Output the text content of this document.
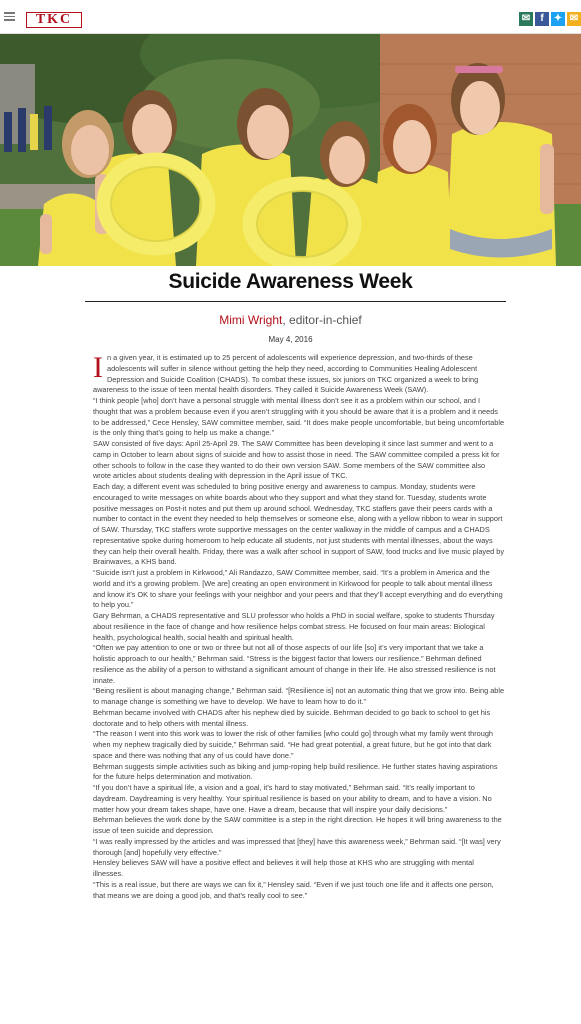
TKC	✉	f	✦ ✉
Suicide Awareness Week
Mimi Wright, editor-in-chief
May 4, 2016

In a given year, it is estimated up to 25 percent of adolescents will experience depression, and two-thirds of these adolescents will suffer in silence without getting the help they need, according to Communities Healing Adolescent Depression and Suicide Coalition (CHADS). To combat these issues, six juniors on TKC organized a week to bring awareness to the issue of teen mental health disorders. They called it Suicide Awareness Week (SAW).

“I think people [who] don’t have a personal struggle with mental illness don’t see it as a problem within our school, and I thought that was a problem because even if you aren’t struggling with it you should be aware that it is a problem and it needs to be addressed,” Cece Hensley, SAW committee member, said. “It does make people uncomfortable, but being uncomfortable is the only thing that’s going to help us make a change.”

SAW consisted of five days: April 25-April 29. The SAW Committee has been developing it since last summer and went to a camp in October to learn about signs of suicide and how to assist those in need. The SAW committee compiled a press kit for other schools to follow in the case they wanted to do their own version SAW. Some members of the SAW committee also wrote articles about students dealing with depression in the April issue of TKC.

Each day, a different event was scheduled to bring positive energy and awareness to campus. Monday, students were encouraged to write messages on white boards about who they support and what they stand for. Tuesday, students wrote positive messages on Post-it notes and put them up around school. Wednesday, TKC staffers gave their peers cards with a number to contact in the event they needed to help themselves or someone else, along with a yellow ribbon to wear in support of SAW. Thursday, TKC staffers wrote supportive messages on the center walkway in the middle of campus and a CHADS representative spoke during homeroom to help educate all students, not just students with mental illnesses, about the ways they can help their overall health. Friday, there was a walk after school in support of SAW, food trucks and live music played by Brainwaves, a KHS band.

“Suicide isn’t just a problem in Kirkwood,” Ali Randazzo, SAW Committee member, said. “It’s a problem in America and the world and it’s a growing problem. [We are] creating an open environment in Kirkwood for people to talk about mental illness and know it’s OK to share your feelings with your neighbor and your peers and that they’ll accept everything and do everything to help you.”

Gary Behrman, a CHADS representative and SLU professor who holds a PhD in social welfare, spoke to students Thursday about resilience in the face of change and how resilience helps combat stress. He focused on four main areas: Biological health, psychological health, social health and spiritual health.

“Often we pay attention to one or two or three but not all of those aspects of our life [so] it’s very important that we take a holistic approach to our health,” Behrman said. “Stress is the biggest factor that lowers our resilience.” Behrman defined resilience as the ability of a person to withstand a significant amount of change in their life. He also stressed resilience is not innate.

“Being resilient is about managing change,” Behrman said. “[Resilience is] not an automatic thing that we grow into. Being able to manage change is something we have to develop. We have to learn how to do it.”

Behrman became involved with CHADS after his nephew died by suicide. Behrman decided to go back to school to get his doctorate and to help others with mental illness.

“The reason I went into this work was to lower the risk of other families [who could go] through what my family went through when my nephew tragically died by suicide,” Behrman said. “He had great potential, a great future, but he got into that dark space and there was nothing that any of us could have done.”

Behrman suggests simple activities such as biking and jump-roping help build resilience. He further states having aspirations for the future helps determination and motivation.

“If you don’t have a spiritual life, a vision and a goal, it’s hard to stay motivated,” Behrman said. “It’s really important to daydream. Daydreaming is very healthy. Your spiritual resilience is based on your ability to dream, and to have a vision. No matter how your dream takes shape, have one. Have a dream, because that will inspire your daily decisions.”

Behrman believes the work done by the SAW committee is a step in the right direction. He hopes it will bring awareness to the issue of teen suicide and depression.

“I was really impressed by the articles and was impressed that [they] have this awareness week,” Behrman said. “[It was] very thorough [and] hopefully very effective.”

Hensley believes SAW will have a positive effect and believes it will help those at KHS who are struggling with mental illnesses.

“This is a real issue, but there are ways we can fix it,” Hensley said. “Even if we just touch one life and it affects one person, that means we are doing a good job, and that’s really cool to see.”
